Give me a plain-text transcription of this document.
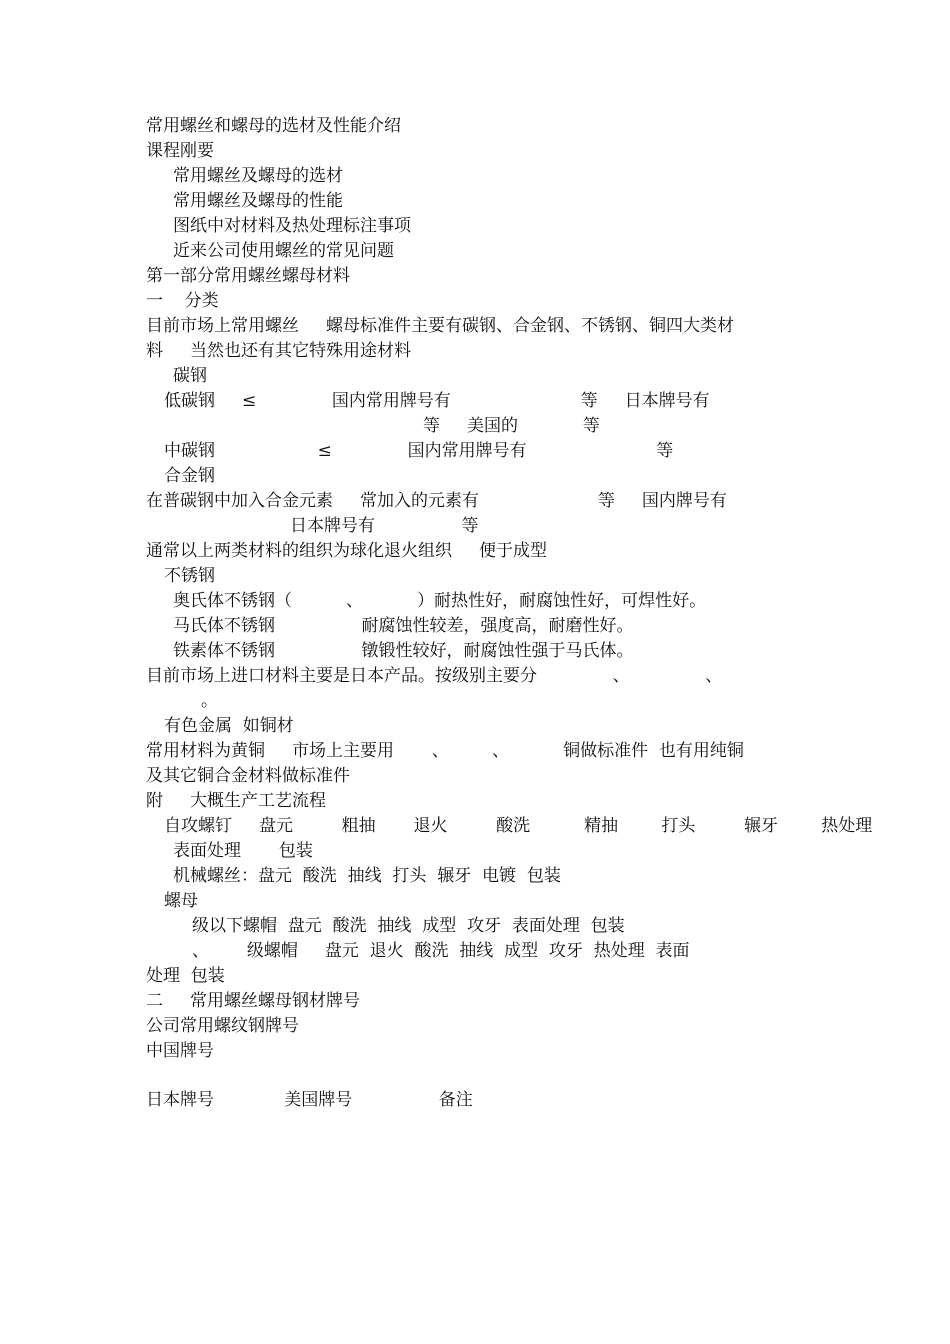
常用螺丝和螺母的选材及性能介绍
课程刚要
常用螺丝及螺母的选材
常用螺丝及螺母的性能
图纸中对材料及热处理标注事项
近来公司使用螺丝的常见问题
第一部分常用螺丝螺母材料
一    分类
目前市场上常用螺丝     螺母标准件主要有碳钢、合金钢、不锈钢、铜四大类材
料     当然也还有其它特殊用途材料
碳钢
低碳钢     ≤              国内常用牌号有                        等     日本牌号有
等     美国的            等
中碳钢                   ≤              国内常用牌号有                        等
合金钢
在普碳钢中加入合金元素     常加入的元素有                      等     国内牌号有
日本牌号有                等
通常以上两类材料的组织为球化退火组织     便于成型
不锈钢
奥氏体不锈钢（          、          ）耐热性好，耐腐蚀性好，可焊性好。
马氏体不锈钢                耐腐蚀性较差，强度高，耐磨性好。
铁素体不锈钢                镦锻性较好，耐腐蚀性强于马氏体。
目前市场上进口材料主要是日本产品。按级别主要分              、              、
。
有色金属  如铜材
常用材料为黄铜     市场上主要用       、        、          铜做标准件  也有用纯铜
及其它铜合金材料做标准件
附     大概生产工艺流程
自攻螺钉     盘元         粗抽       退火         酸洗          精抽        打头         辗牙        热处理
表面处理       包装
机械螺丝：盘元  酸洗  抽线  打头  辗牙  电镀  包装
螺母
级以下螺帽  盘元  酸洗  抽线  成型  攻牙  表面处理  包装
、       级螺帽     盘元  退火  酸洗  抽线  成型  攻牙  热处理  表面
处理  包装
二     常用螺丝螺母钢材牌号
公司常用螺纹钢牌号
中国牌号
日本牌号             美国牌号                备注
